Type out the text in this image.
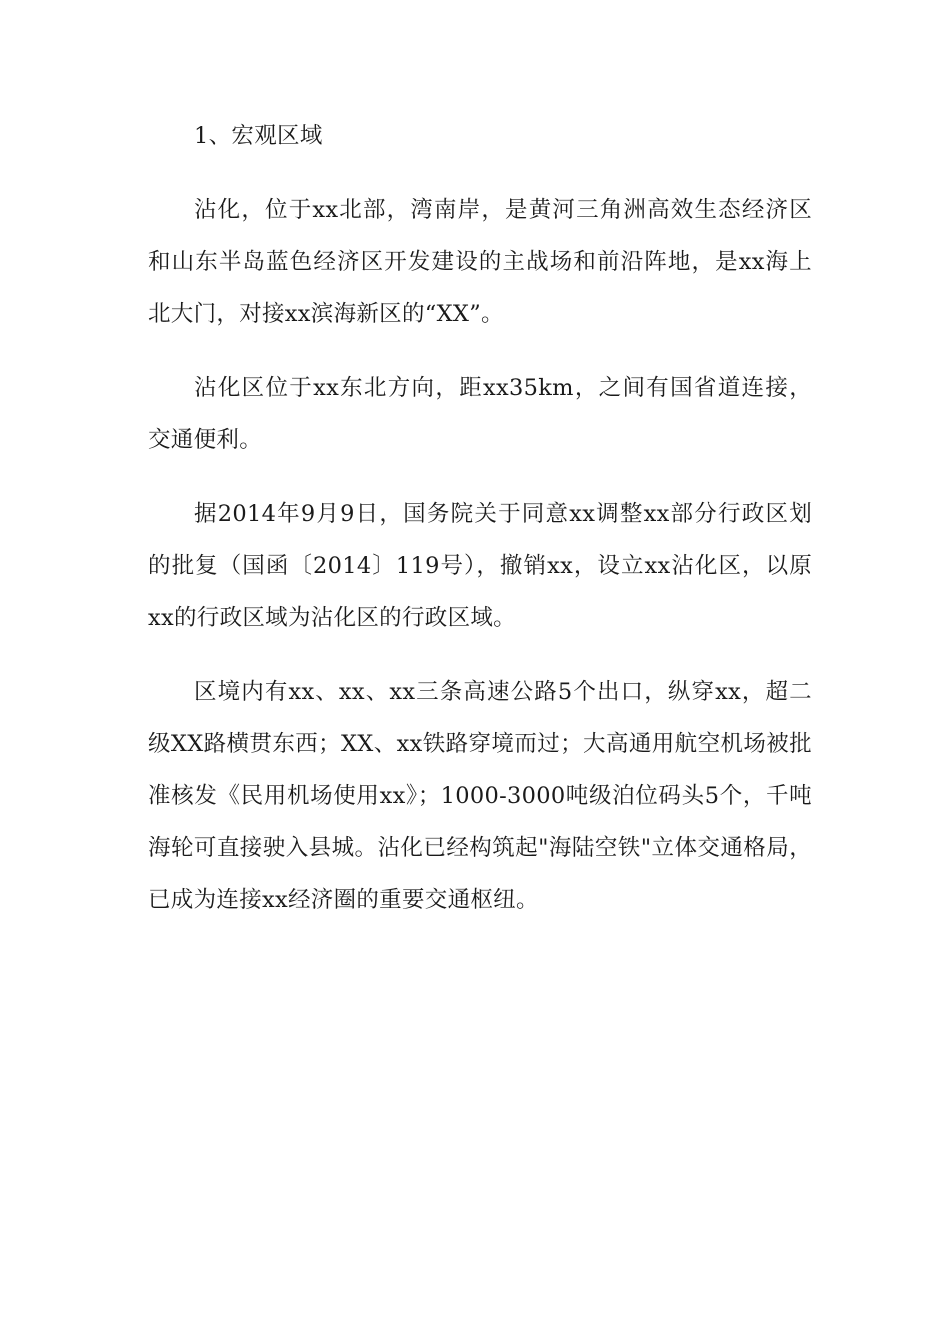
1、宏观区域

沾化，位于xx北部，湾南岸，是黄河三角洲高效生态经济区和山东半岛蓝色经济区开发建设的主战场和前沿阵地，是xx海上北大门，对接xx滨海新区的“XX”。

沾化区位于xx东北方向，距xx35km，之间有国省道连接，交通便利。

据2014年9月9日，国务院关于同意xx调整xx部分行政区划的批复（国函〔2014〕119号），撤销xx，设立xx沾化区，以原xx的行政区域为沾化区的行政区域。

区境内有xx、xx、xx三条高速公路5个出口，纵穿xx，超二级XX路横贯东西；XX、xx铁路穿境而过；大高通用航空机场被批准核发《民用机场使用xx》；1000-3000吨级泊位码头5个，千吨海轮可直接驶入县城。沾化已经构筑起"海陆空铁"立体交通格局，已成为连接xx经济圈的重要交通枢纽。
